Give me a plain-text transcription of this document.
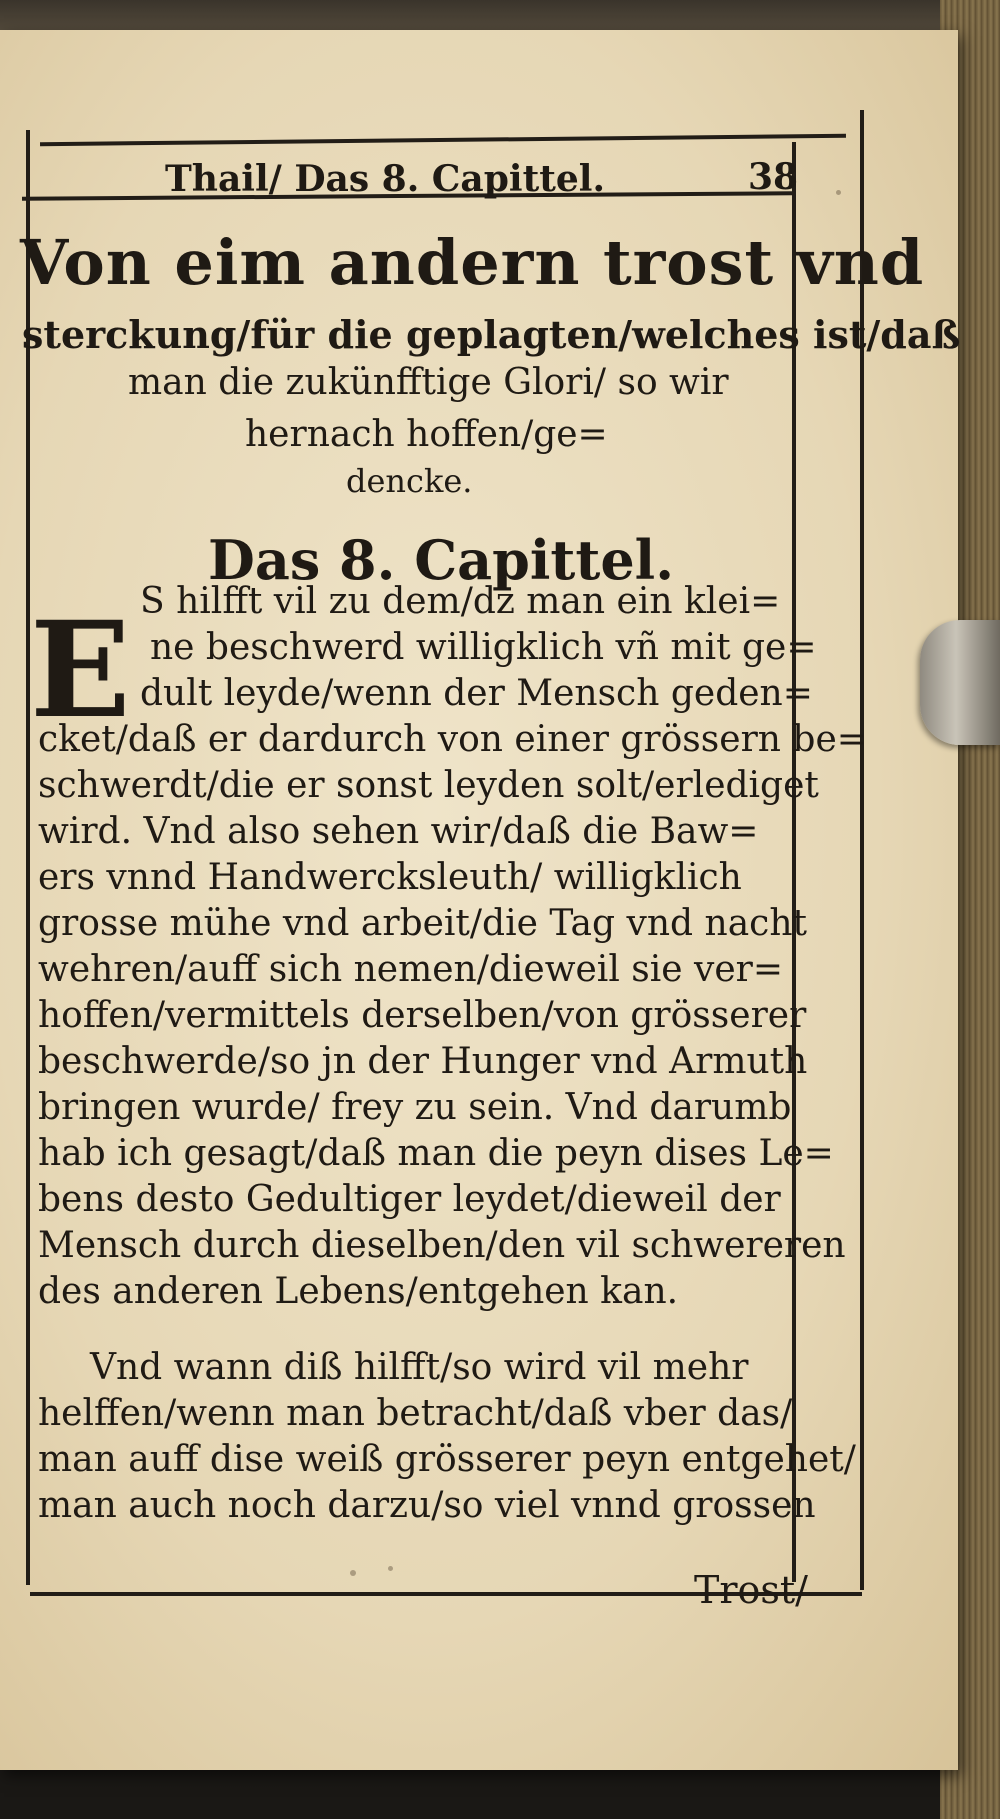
Thail/ Das 8. Capittel.	38
Von eim andern trost vnd
sterckung/für die geplagten/welches ist/daß
man die zukünfftige Glori/ so wir
hernach hoffen/ge=
dencke.
Das 8. Capittel.
E S hilfft vil zu dem/dz man ein klei=
ne beschwerd willigklich vñ mit ge=
dult leyde/wenn der Mensch geden=
cket/daß er dardurch von einer grössern be=
schwerdt/die er sonst leyden solt/erlediget
wird. Vnd also sehen wir/daß die Baw=
ers vnnd Handwercksleuth/ willigklich
grosse mühe vnd arbeit/die Tag vnd nacht
wehren/auff sich nemen/dieweil sie ver=
hoffen/vermittels derselben/von grösserer
beschwerde/so jn der Hunger vnd Armuth
bringen wurde/ frey zu sein. Vnd darumb
hab ich gesagt/daß man die peyn dises Le=
bens desto Gedultiger leydet/dieweil der
Mensch durch dieselben/den vil schwereren
des anderen Lebens/entgehen kan.
Vnd wann diß hilfft/so wird vil mehr
helffen/wenn man betracht/daß vber das/
man auff dise weiß grösserer peyn entgehet/
man auch noch darzu/so viel vnnd grossen
Trost/
